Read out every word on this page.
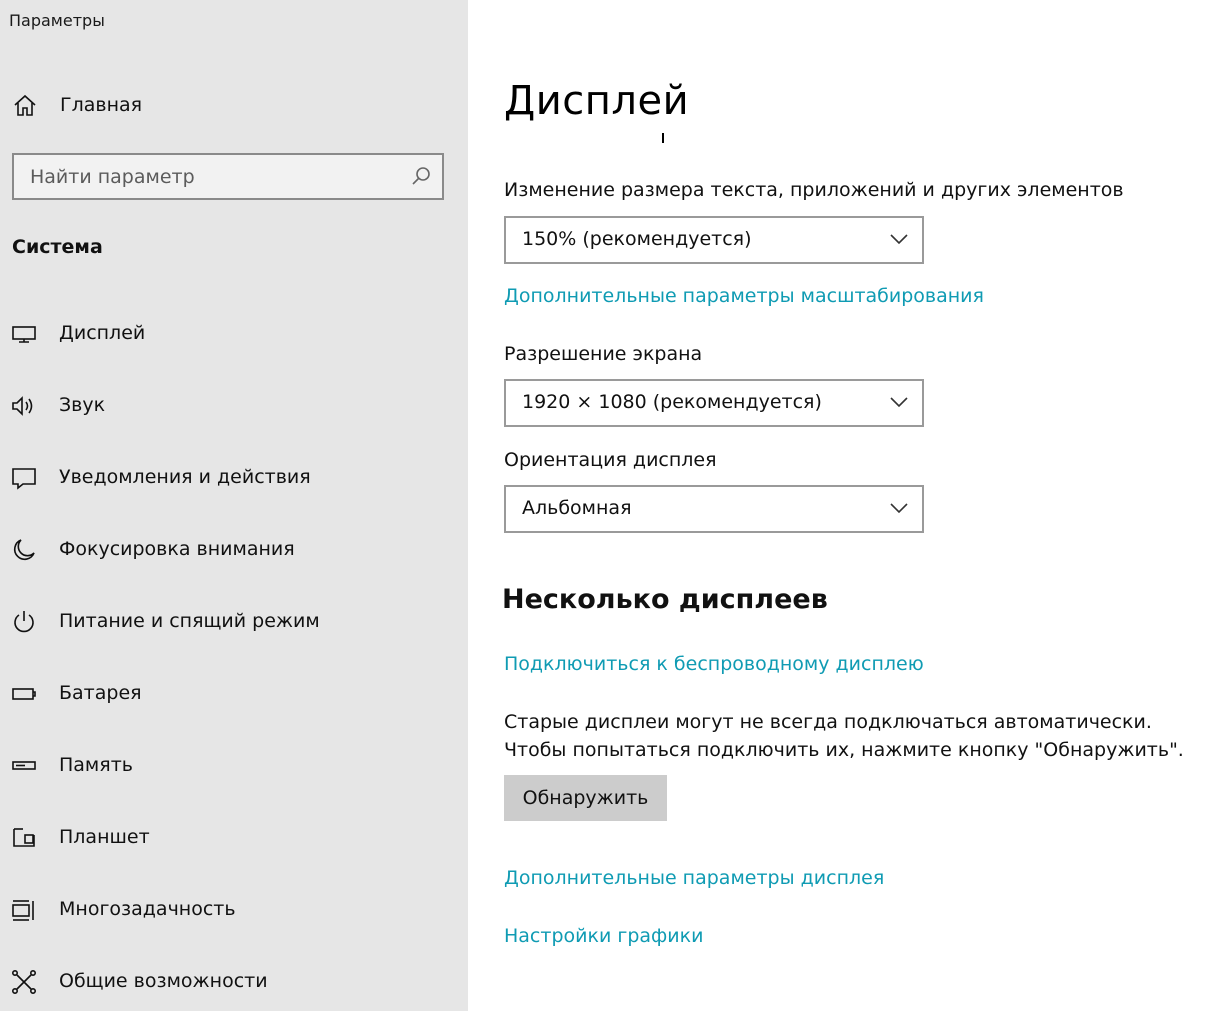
Параметры
Главная
Найти параметр
Система
Дисплей
Звук
Уведомления и действия
Фокусировка внимания
Питание и спящий режим
Батарея
Память
Планшет
Многозадачность
Общие возможности
Дисплей
Изменение размера текста, приложений и других элементов
150% (рекомендуется)
Дополнительные параметры масштабирования
Разрешение экрана
1920 × 1080 (рекомендуется)
Ориентация дисплея
Альбомная
Несколько дисплеев
Подключиться к беспроводному дисплею
Старые дисплеи могут не всегда подключаться автоматически.
Чтобы попытаться подключить их, нажмите кнопку "Обнаружить".
Обнаружить
Дополнительные параметры дисплея
Настройки графики
